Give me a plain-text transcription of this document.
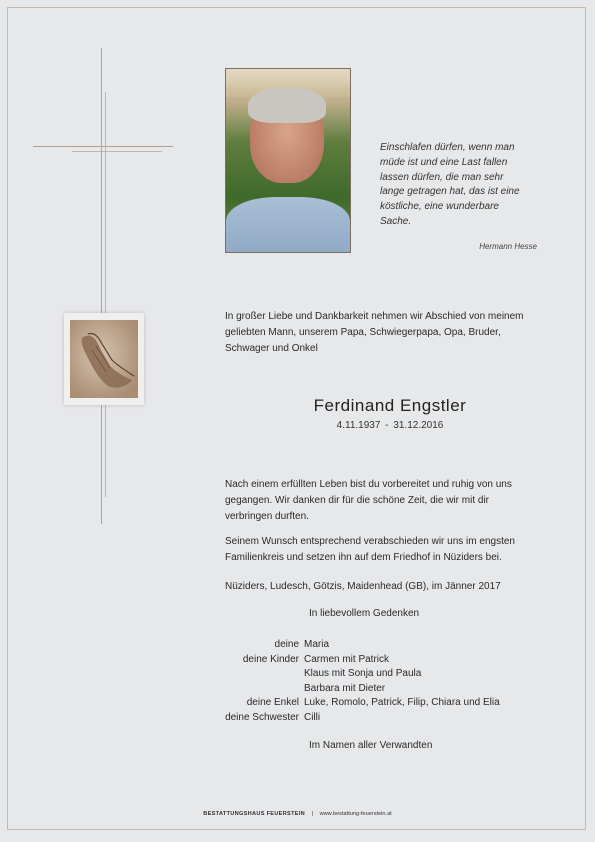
Einschlafen dürfen, wenn man
müde ist und eine Last fallen
lassen dürfen, die man sehr
lange getragen hat, das ist eine
köstliche, eine wunderbare
Sache.
Hermann Hesse
In großer Liebe und Dankbarkeit nehmen wir Abschied von meinem
geliebten Mann, unserem Papa, Schwiegerpapa, Opa, Bruder,
Schwager und Onkel
Ferdinand Engstler
4.11.1937 - 31.12.2016
Nach einem erfüllten Leben bist du vorbereitet und ruhig von uns
gegangen. Wir danken dir für die schöne Zeit, die wir mit dir
verbringen durften.
Seinem Wunsch entsprechend verabschieden wir uns im engsten
Familienkreis und setzen ihn auf dem Friedhof in Nüziders bei.
Nüziders, Ludesch, Götzis, Maidenhead (GB), im Jänner 2017
In liebevollem Gedenken
deine Maria
deine Kinder Carmen mit Patrick
Klaus mit Sonja und Paula
Barbara mit Dieter
deine Enkel Luke, Romolo, Patrick, Filip, Chiara und Elia
deine Schwester Cilli
Im Namen aller Verwandten
BESTATTUNGSHAUS FEUERSTEIN | www.bestattung-feuerstein.at
